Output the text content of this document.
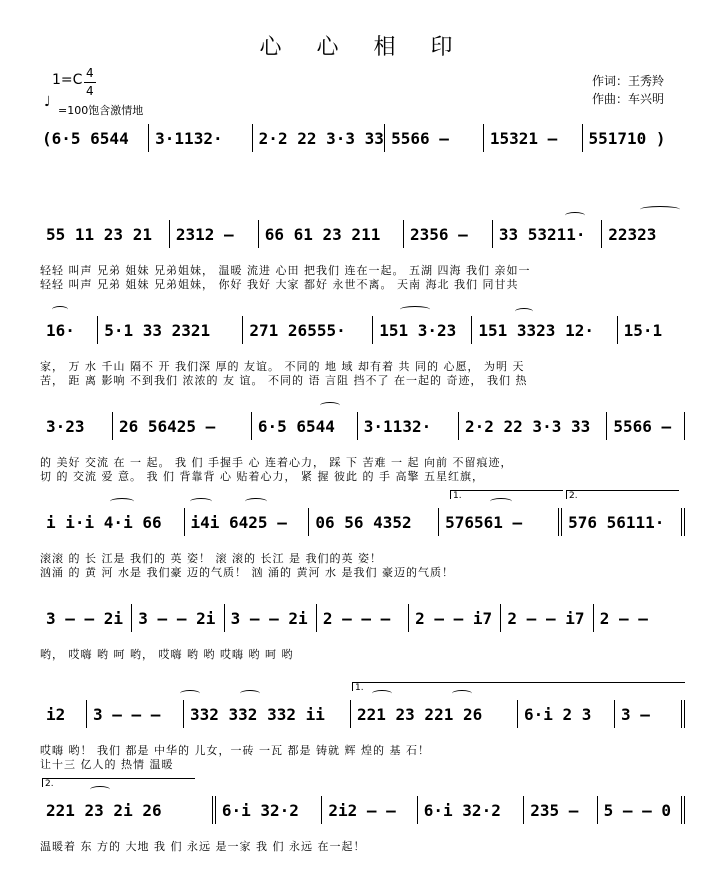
心 心 相 印
1=C 4
4
♩
=100饱含激情地
作词：王秀羚
作曲：车兴明
(6·5 6544	3·1132·	2·2 22 3·3 33 5566 —	15321 —	551710 )
55 11 23 21	2312 —	66 61 23 211	2356 —	33 53211·	22323
轻轻 叫声 兄弟 姐妹 兄弟姐妹， 温暖 流进 心田 把我们 连在一起。 五湖 四海 我们 亲如一
轻轻 叫声 兄弟 姐妹 兄弟姐妹， 你好 我好 大家 都好 永世不离。 天南 海北 我们 同甘共
16·	5·1 33 2321	271 26555·	151 3·23	151 3323 12·	15·1
家， 万 水 千山 隔不 开 我们深 厚的 友谊。 不同的 地 域 却有着 共 同的 心愿， 为明 天
苦， 距 离 影响 不到我们 浓浓的 友 谊。 不同的 语 言阻 挡不了 在一起的 奇迹， 我们 热
3·23	26 56425 —	6·5 6544	3·1132·	2·2 22 3·3 33	5566 —
的 美好 交流 在 一 起。 我 们 手握手 心 连着心力， 踩 下 苦难 一 起 向前 不留痕迹，
切 的 交流 爱 意。 我 们 背靠背 心 贴着心力， 紧 握 彼此 的 手 高擎 五星红旗，
1.	2.
i i·i 4·i 66	i4i 6425 —	06 56 4352	576561 —	576 56111·
滚滚 的 长 江是 我们的 英 姿！ 滚 滚的 长江 是 我们的英 姿！
汹涌 的 黄 河 水是 我们豪 迈的气质！ 汹 涌的 黄河 水 是我们 豪迈的气质！
3 — — 2i 3 — — 2i 3 — — 2i 2 — — —	2 — — i7 2 — — i7 2 — —
哟， 哎嗨 哟 呵 哟， 哎嗨 哟 哟 哎嗨 哟 呵 哟
1.
i2	3 — — —	332 332 332 ii	221 23 221 26	6·i 2 3	3 —
哎嗨 哟！ 我们 都是 中华的 儿女，一砖 一瓦 都是 铸就 辉 煌的 基 石！
让十三 亿人的 热情 温暖
2.
221 23 2i 26	6·i 32·2	2i2 — —	6·i 32·2	235 —	5 — — 0
温暖着 东 方的 大地 我 们 永远 是一家 我 们 永远 在一起！
